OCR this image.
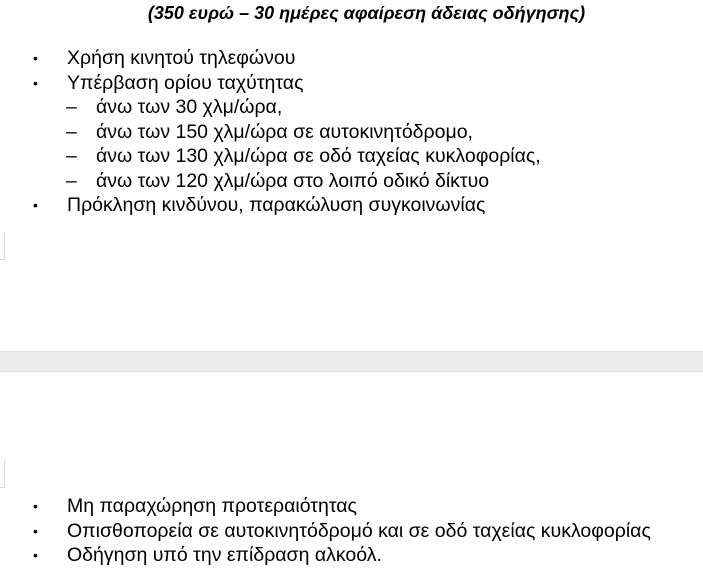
(350 ευρώ – 30 ημέρες αφαίρεση άδειας οδήγησης)
• Χρήση κινητού τηλεφώνου
• Υπέρβαση ορίου ταχύτητας
– άνω των 30 χλμ/ώρα,
– άνω των 150 χλμ/ώρα σε αυτοκινητόδρομο,
– άνω των 130 χλμ/ώρα σε οδό ταχείας κυκλοφορίας,
– άνω των 120 χλμ/ώρα στο λοιπό οδικό δίκτυο
• Πρόκληση κινδύνου, παρακώλυση συγκοινωνίας
• Μη παραχώρηση προτεραιότητας
• Οπισθοπορεία σε αυτοκινητόδρομό και σε οδό ταχείας κυκλοφορίας
• Οδήγηση υπό την επίδραση αλκοόλ.
